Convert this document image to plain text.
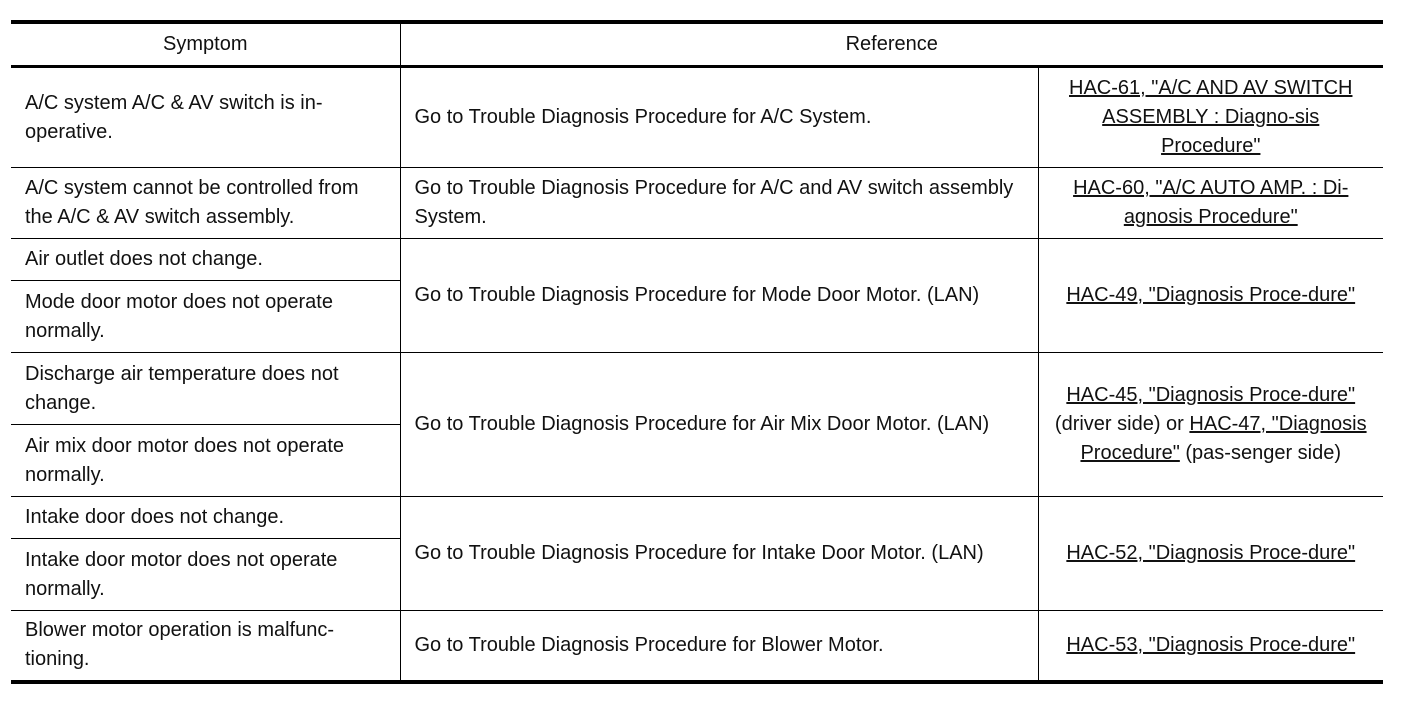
Symptom	Reference	
A/C system A/C & AV switch is in- operative.	Go to Trouble Diagnosis Procedure for A/C System.	HAC-61, "A/C AND AV SWITCH ASSEMBLY : Diagno-sis Procedure"
A/C system cannot be controlled from the A/C & AV switch assembly.	Go to Trouble Diagnosis Procedure for A/C and AV switch assembly System.	HAC-60, "A/C AUTO AMP. : Di-agnosis Procedure"
Air outlet does not change.	Go to Trouble Diagnosis Procedure for Mode Door Motor. (LAN)	HAC-49, "Diagnosis Proce-dure"
Mode door motor does not operate normally.		
Discharge air temperature does not change.	Go to Trouble Diagnosis Procedure for Air Mix Door Motor. (LAN)	HAC-45, "Diagnosis Proce-dure" (driver side) or HAC-47, "Diagnosis Procedure" (pas-senger side)
Air mix door motor does not operate normally.		
Intake door does not change.	Go to Trouble Diagnosis Procedure for Intake Door Motor. (LAN)	HAC-52, "Diagnosis Proce-dure"
Intake door motor does not operate normally.		
Blower motor operation is malfunc-tioning.	Go to Trouble Diagnosis Procedure for Blower Motor.	HAC-53, "Diagnosis Proce-dure"
